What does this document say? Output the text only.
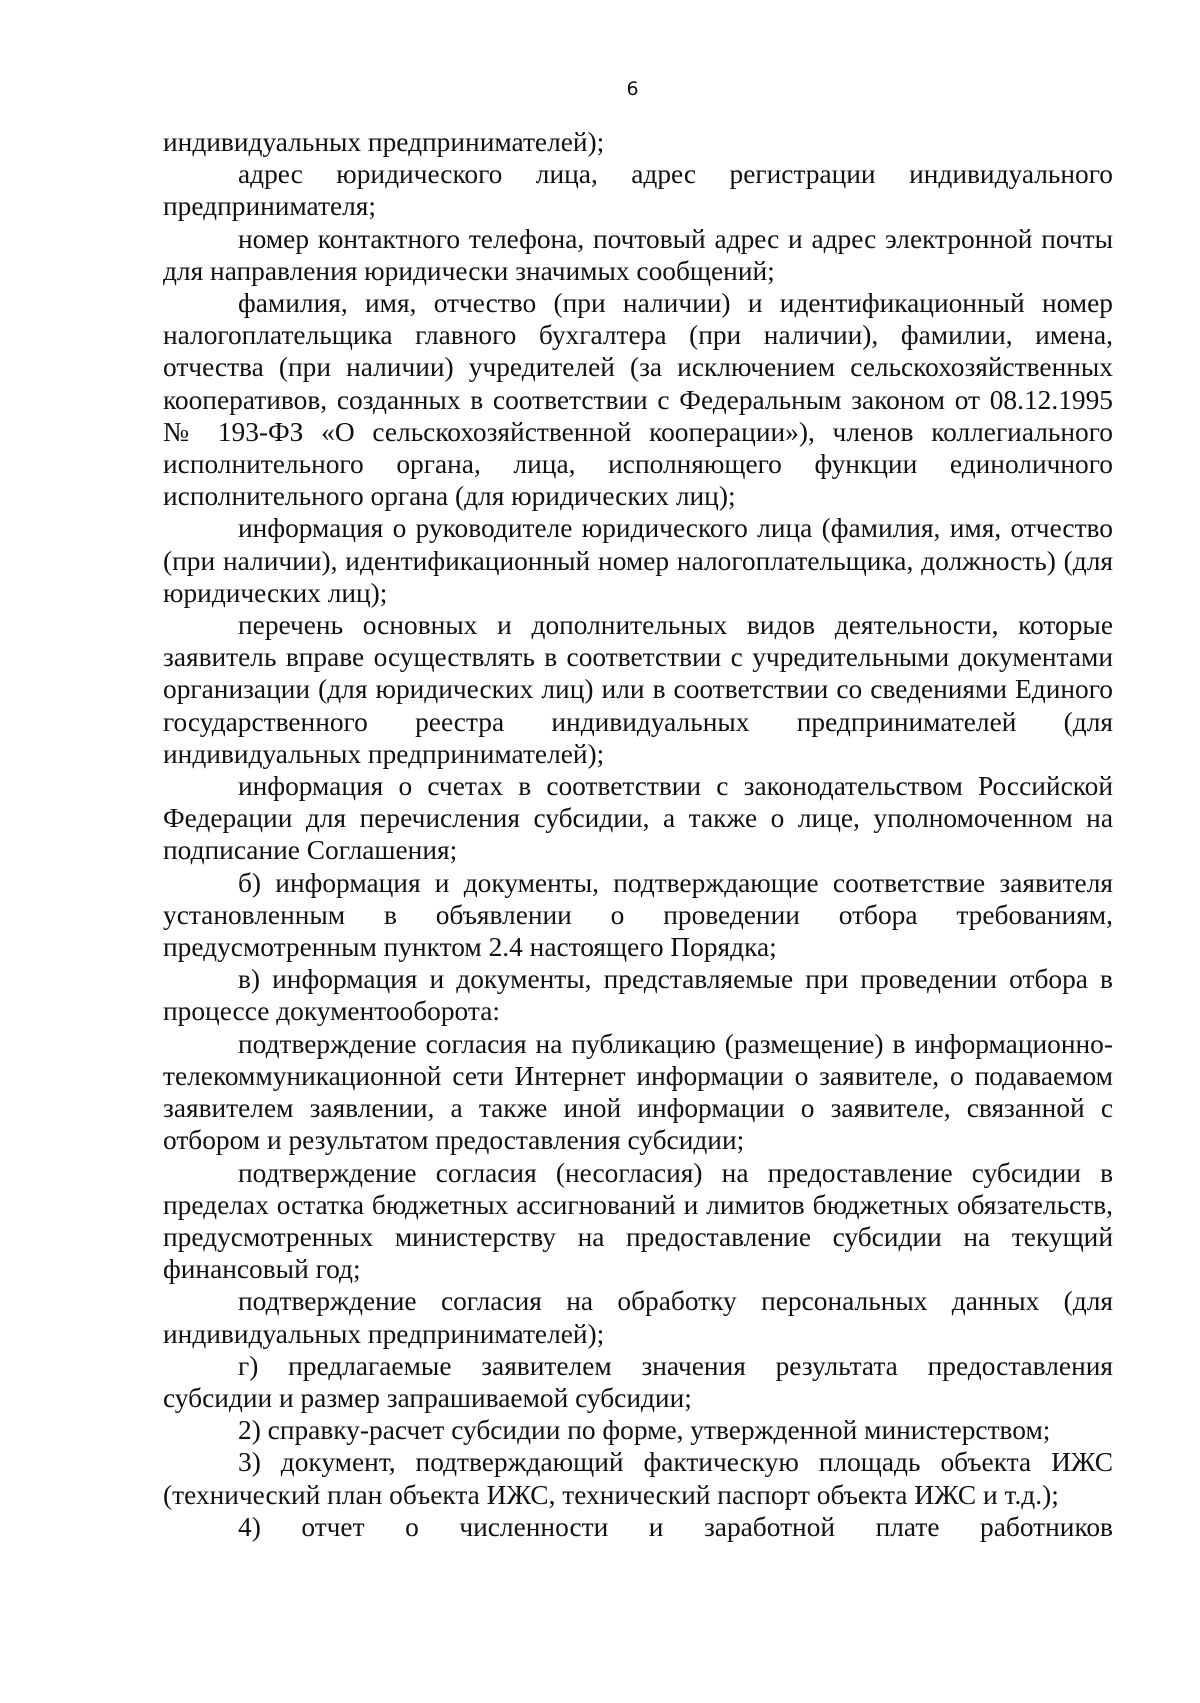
6

индивидуальных предпринимателей);

адрес юридического лица, адрес регистрации индивидуального предпринимателя;

номер контактного телефона, почтовый адрес и адрес электронной почты для направления юридически значимых сообщений;

фамилия, имя, отчество (при наличии) и идентификационный номер налогоплательщика главного бухгалтера (при наличии), фамилии, имена, отчества (при наличии) учредителей (за исключением сельскохозяйственных кооперативов, созданных в соответствии с Федеральным законом от 08.12.1995 № 193-ФЗ «О сельскохозяйственной кооперации»), членов коллегиального исполнительного органа, лица, исполняющего функции единоличного исполнительного органа (для юридических лиц);

информация о руководителе юридического лица (фамилия, имя, отчество (при наличии), идентификационный номер налогоплательщика, должность) (для юридических лиц);

перечень основных и дополнительных видов деятельности, которые заявитель вправе осуществлять в соответствии с учредительными документами организации (для юридических лиц) или в соответствии со сведениями Единого государственного реестра индивидуальных предпринимателей (для индивидуальных предпринимателей);

информация о счетах в соответствии с законодательством Российской Федерации для перечисления субсидии, а также о лице, уполномоченном на подписание Соглашения;

б) информация и документы, подтверждающие соответствие заявителя установленным в объявлении о проведении отбора требованиям, предусмотренным пунктом 2.4 настоящего Порядка;

в) информация и документы, представляемые при проведении отбора в процессе документооборота:

подтверждение согласия на публикацию (размещение) в информационно-телекоммуникационной сети Интернет информации о заявителе, о подаваемом заявителем заявлении, а также иной информации о заявителе, связанной с отбором и результатом предоставления субсидии;

подтверждение согласия (несогласия) на предоставление субсидии в пределах остатка бюджетных ассигнований и лимитов бюджетных обязательств, предусмотренных министерству на предоставление субсидии на текущий финансовый год;

подтверждение согласия на обработку персональных данных (для индивидуальных предпринимателей);

г) предлагаемые заявителем значения результата предоставления субсидии и размер запрашиваемой субсидии;

2) справку-расчет субсидии по форме, утвержденной министерством;

3) документ, подтверждающий фактическую площадь объекта ИЖС (технический план объекта ИЖС, технический паспорт объекта ИЖС и т.д.);

4) отчет о численности и заработной плате работников
